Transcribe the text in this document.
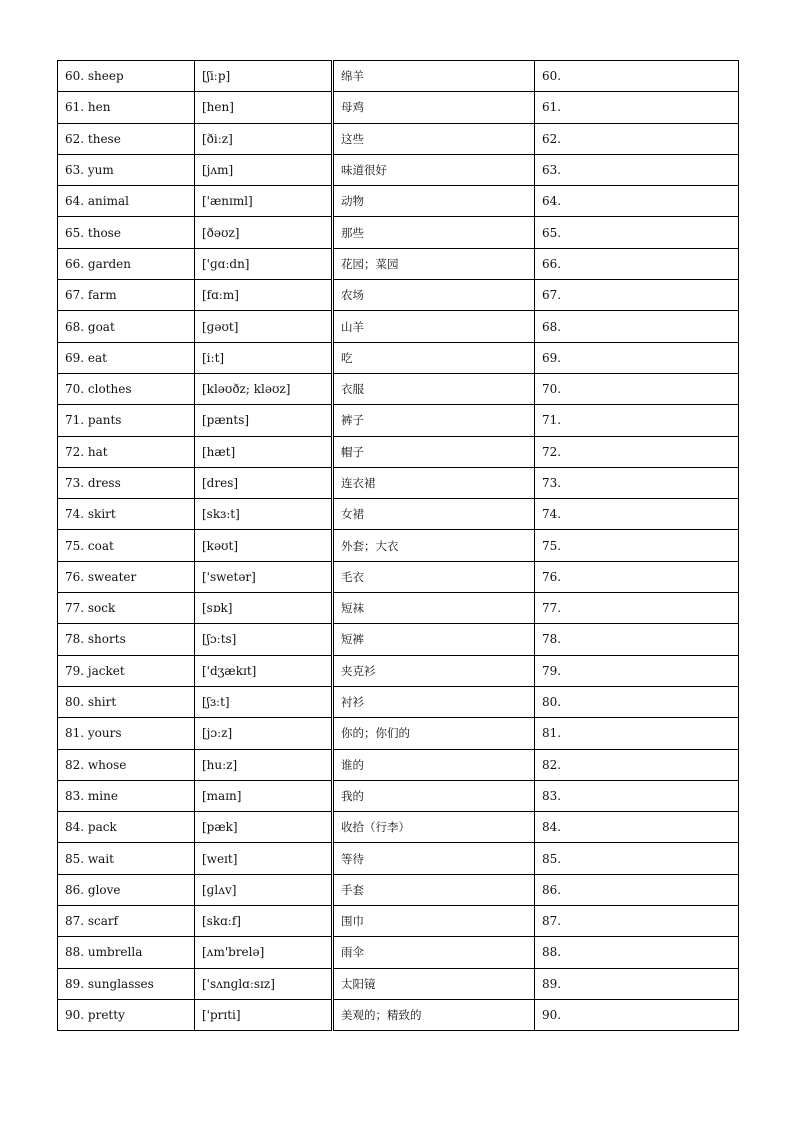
60. sheep	[ʃiːp]	绵羊	60.
61. hen	[hen]	母鸡	61.
62. these	[ðiːz]	这些	62.
63. yum	[jʌm]	味道很好	63.
64. animal	['ænɪml]	动物	64.
65. those	[ðəʊz]	那些	65.
66. garden	['ɡɑːdn]	花园；菜园	66.
67. farm	[fɑːm]	农场	67.
68. goat	[ɡəʊt]	山羊	68.
69. eat	[iːt]	吃	69.
70. clothes	[kləʊðz; kləʊz]	衣服	70.
71. pants	[pænts]	裤子	71.
72. hat	[hæt]	帽子	72.
73. dress	[dres]	连衣裙	73.
74. skirt	[skɜːt]	女裙	74.
75. coat	[kəʊt]	外套；大衣	75.
76. sweater	['swetər]	毛衣	76.
77. sock	[sɒk]	短袜	77.
78. shorts	[ʃɔːts]	短裤	78.
79. jacket	['dʒækɪt]	夹克衫	79.
80. shirt	[ʃɜːt]	衬衫	80.
81. yours	[jɔːz]	你的；你们的	81.
82. whose	[huːz]	谁的	82.
83. mine	[maɪn]	我的	83.
84. pack	[pæk]	收拾（行李）	84.
85. wait	[weɪt]	等待	85.
86. glove	[ɡlʌv]	手套	86.
87. scarf	[skɑːf]	围巾	87.
88. umbrella	[ʌm'brelə]	雨伞	88.
89. sunglasses	['sʌnɡlɑːsɪz]	太阳镜	89.
90. pretty	['prɪti]	美观的；精致的	90.
